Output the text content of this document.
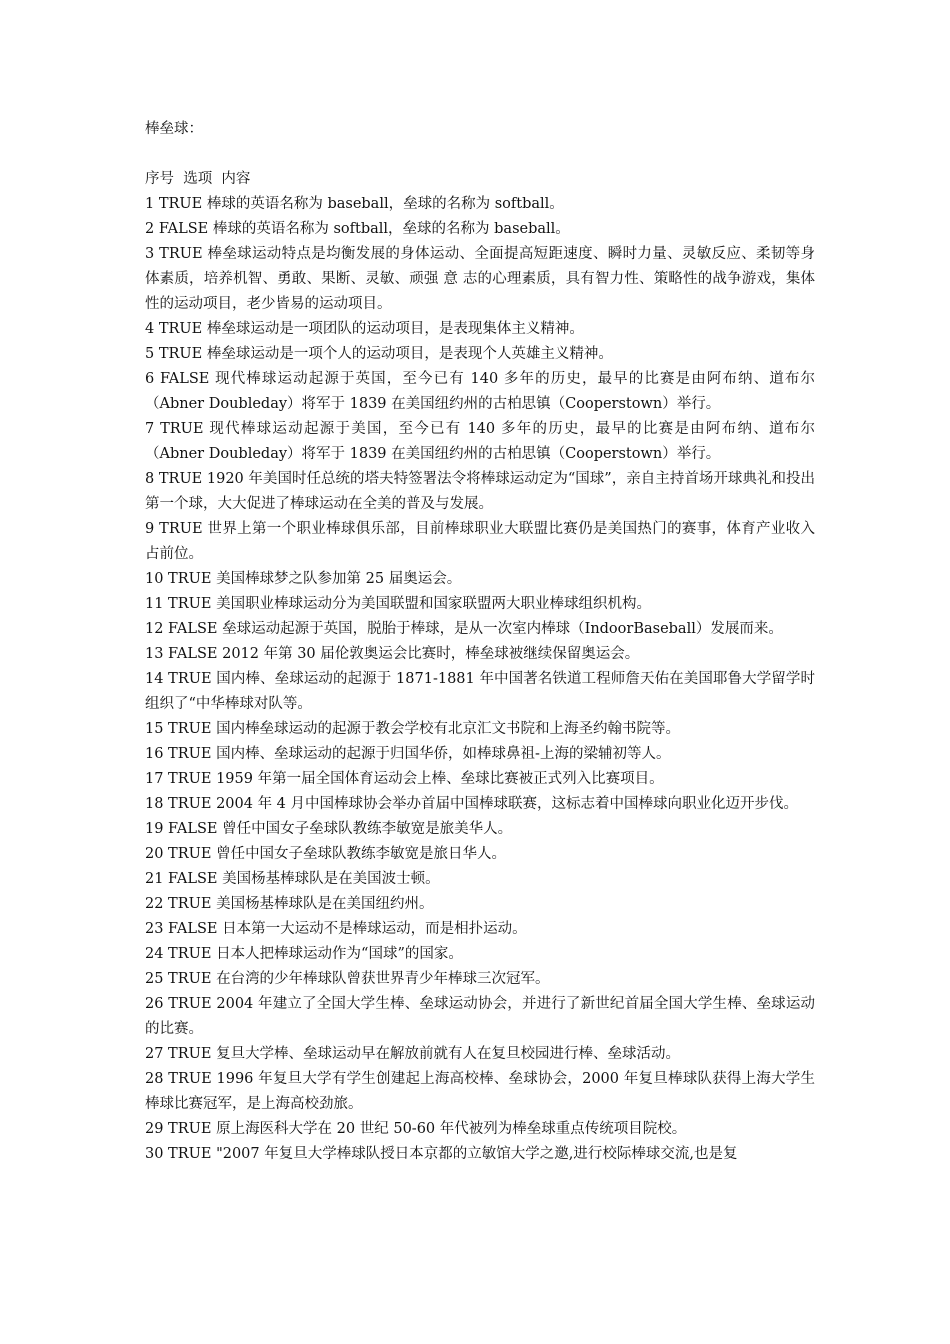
棒垒球：
序号  选项  内容

1 TRUE 棒球的英语名称为 baseball，垒球的名称为 softball。

2 FALSE 棒球的英语名称为 softball，垒球的名称为 baseball。

3 TRUE 棒垒球运动特点是均衡发展的身体运动、全面提高短距速度、瞬时力量、灵敏反应、柔韧等身体素质，培养机智、勇敢、果断、灵敏、顽强 意 志的心理素质，具有智力性、策略性的战争游戏，集体性的运动项目，老少皆易的运动项目。

4 TRUE 棒垒球运动是一项团队的运动项目，是表现集体主义精神。

5 TRUE 棒垒球运动是一项个人的运动项目，是表现个人英雄主义精神。

6 FALSE 现代棒球运动起源于英国，至今已有 140 多年的历史，最早的比赛是由阿布纳、道布尔（Abner Doubleday）将军于 1839 在美国纽约州的古柏思镇（Cooperstown）举行。

7 TRUE 现代棒球运动起源于美国，至今已有 140 多年的历史，最早的比赛是由阿布纳、道布尔（Abner Doubleday）将军于 1839 在美国纽约州的古柏思镇（Cooperstown）举行。

8 TRUE 1920 年美国时任总统的塔夫特签署法令将棒球运动定为“国球”，亲自主持首场开球典礼和投出第一个球，大大促进了棒球运动在全美的普及与发展。

9 TRUE 世界上第一个职业棒球俱乐部，目前棒球职业大联盟比赛仍是美国热门的赛事，体育产业收入占前位。

10 TRUE 美国棒球梦之队参加第 25 届奥运会。

11 TRUE 美国职业棒球运动分为美国联盟和国家联盟两大职业棒球组织机构。

12 FALSE 垒球运动起源于英国，脱胎于棒球，是从一次室内棒球（IndoorBaseball）发展而来。

13 FALSE 2012 年第 30 届伦敦奥运会比赛时，棒垒球被继续保留奥运会。

14 TRUE 国内棒、垒球运动的起源于 1871-1881 年中国著名铁道工程师詹天佑在美国耶鲁大学留学时组织了“中华棒球对队等。

15 TRUE 国内棒垒球运动的起源于教会学校有北京汇文书院和上海圣约翰书院等。

16 TRUE 国内棒、垒球运动的起源于归国华侨，如棒球鼻祖-上海的梁辅初等人。

17 TRUE 1959 年第一届全国体育运动会上棒、垒球比赛被正式列入比赛项目。

18 TRUE 2004 年 4 月中国棒球协会举办首届中国棒球联赛，这标志着中国棒球向职业化迈开步伐。

19 FALSE 曾任中国女子垒球队教练李敏宽是旅美华人。

20 TRUE 曾任中国女子垒球队教练李敏宽是旅日华人。

21 FALSE 美国杨基棒球队是在美国波士顿。

22 TRUE 美国杨基棒球队是在美国纽约州。

23 FALSE 日本第一大运动不是棒球运动，而是相扑运动。

24 TRUE 日本人把棒球运动作为“国球”的国家。

25 TRUE 在台湾的少年棒球队曾获世界青少年棒球三次冠军。

26 TRUE 2004 年建立了全国大学生棒、垒球运动协会，并进行了新世纪首届全国大学生棒、垒球运动的比赛。

27 TRUE 复旦大学棒、垒球运动早在解放前就有人在复旦校园进行棒、垒球活动。

28 TRUE 1996 年复旦大学有学生创建起上海高校棒、垒球协会，2000 年复旦棒球队获得上海大学生棒球比赛冠军，是上海高校劲旅。

29 TRUE 原上海医科大学在 20 世纪 50-60 年代被列为棒垒球重点传统项目院校。

30 TRUE "2007 年复旦大学棒球队授日本京都的立敏馆大学之邀,进行校际棒球交流,也是复
